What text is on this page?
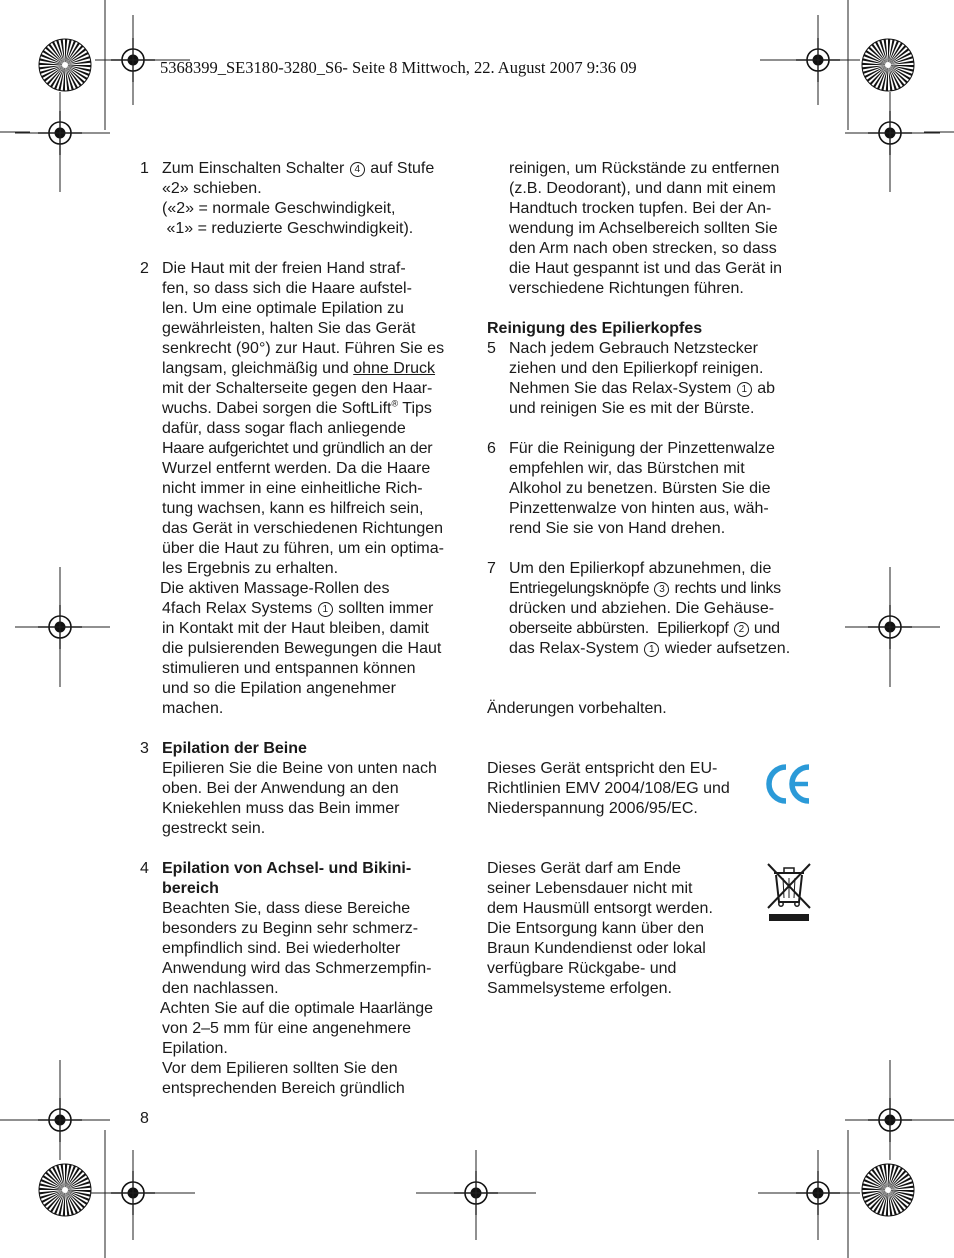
5368399_SE3180-3280_S6- Seite 8 Mittwoch, 22. August 2007 9:36 09
1 Zum Einschalten Schalter 4 auf Stufe
«2» schieben.
(«2» = normale Geschwindigkeit,
«1» = reduzierte Geschwindigkeit).
2 Die Haut mit der freien Hand straf-
fen, so dass sich die Haare aufstel-
len. Um eine optimale Epilation zu
gewährleisten, halten Sie das Gerät
senkrecht (90°) zur Haut. Führen Sie es
langsam, gleichmäßig und ohne Druck
mit der Schalterseite gegen den Haar-
wuchs. Dabei sorgen die SoftLift® Tips
dafür, dass sogar flach anliegende
Haare aufgerichtet und gründlich an der
Wurzel entfernt werden. Da die Haare
nicht immer in eine einheitliche Rich-
tung wachsen, kann es hilfreich sein,
das Gerät in verschiedenen Richtungen
über die Haut zu führen, um ein optima-
les Ergebnis zu erhalten.
Die aktiven Massage-Rollen des
4fach Relax Systems 1 sollten immer
in Kontakt mit der Haut bleiben, damit
die pulsierenden Bewegungen die Haut
stimulieren und entspannen können
und so die Epilation angenehmer
machen.
3 Epilation der Beine
Epilieren Sie die Beine von unten nach
oben. Bei der Anwendung an den
Kniekehlen muss das Bein immer
gestreckt sein.
4 Epilation von Achsel- und Bikini-
bereich
Beachten Sie, dass diese Bereiche
besonders zu Beginn sehr schmerz-
empfindlich sind. Bei wiederholter
Anwendung wird das Schmerzempfin-
den nachlassen.
Achten Sie auf die optimale Haarlänge
von 2–5 mm für eine angenehmere
Epilation.
Vor dem Epilieren sollten Sie den
entsprechenden Bereich gründlich
reinigen, um Rückstände zu entfernen
(z.B. Deodorant), und dann mit einem
Handtuch trocken tupfen. Bei der An-
wendung im Achselbereich sollten Sie
den Arm nach oben strecken, so dass
die Haut gespannt ist und das Gerät in
verschiedene Richtungen führen.
Reinigung des Epilierkopfes
5 Nach jedem Gebrauch Netzstecker
ziehen und den Epilierkopf reinigen.
Nehmen Sie das Relax-System 1 ab
und reinigen Sie es mit der Bürste.
6 Für die Reinigung der Pinzettenwalze
empfehlen wir, das Bürstchen mit
Alkohol zu benetzen. Bürsten Sie die
Pinzettenwalze von hinten aus, wäh-
rend Sie sie von Hand drehen.
7 Um den Epilierkopf abzunehmen, die
Entriegelungsknöpfe 3 rechts und links
drücken und abziehen. Die Gehäuse-
oberseite abbürsten.  Epilierkopf 2 und
das Relax-System 1 wieder aufsetzen.
Änderungen vorbehalten.
Dieses Gerät entspricht den EU-
Richtlinien EMV 2004/108/EG und
Niederspannung 2006/95/EC.
Dieses Gerät darf am Ende
seiner Lebensdauer nicht mit
dem Hausmüll entsorgt werden.
Die Entsorgung kann über den
Braun Kundendienst oder lokal
verfügbare Rückgabe- und
Sammelsysteme erfolgen.
8
